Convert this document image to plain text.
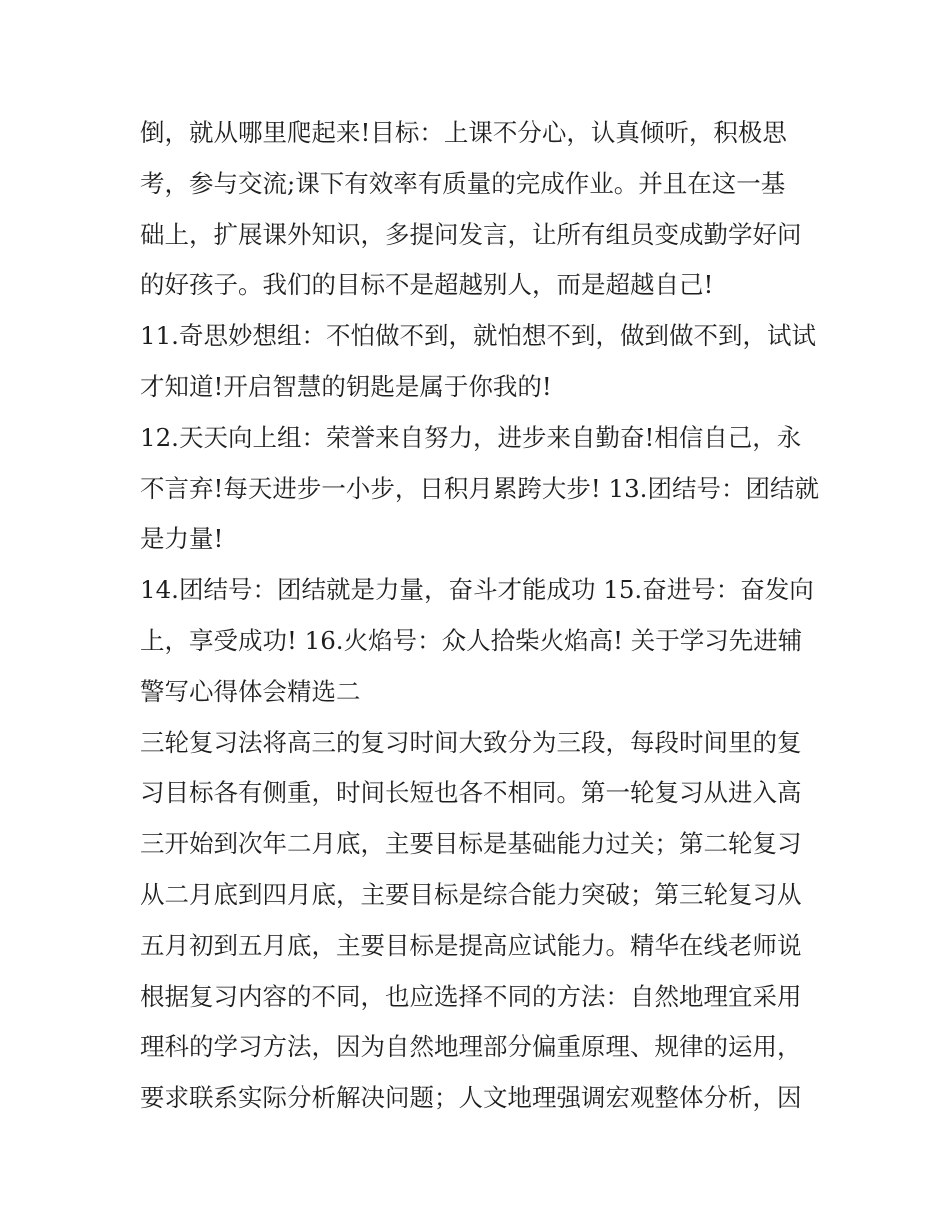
倒，就从哪里爬起来!目标：上课不分心，认真倾听，积极思
考，参与交流;课下有效率有质量的完成作业。并且在这一基
础上，扩展课外知识，多提问发言，让所有组员变成勤学好问
的好孩子。我们的目标不是超越别人，而是超越自己!
11.奇思妙想组：不怕做不到，就怕想不到，做到做不到，试试
才知道!开启智慧的钥匙是属于你我的!
12.天天向上组：荣誉来自努力，进步来自勤奋!相信自己，永
不言弃!每天进步一小步，日积月累跨大步! 13.团结号：团结就
是力量!
14.团结号：团结就是力量，奋斗才能成功 15.奋进号：奋发向
上，享受成功! 16.火焰号：众人拾柴火焰高! 关于学习先进辅
警写心得体会精选二
三轮复习法将高三的复习时间大致分为三段，每段时间里的复
习目标各有侧重，时间长短也各不相同。第一轮复习从进入高
三开始到次年二月底，主要目标是基础能力过关；第二轮复习
从二月底到四月底，主要目标是综合能力突破；第三轮复习从
五月初到五月底，主要目标是提高应试能力。精华在线老师说
根据复习内容的不同，也应选择不同的方法：自然地理宜采用
理科的学习方法，因为自然地理部分偏重原理、规律的运用，
要求联系实际分析解决问题；人文地理强调宏观整体分析，因
